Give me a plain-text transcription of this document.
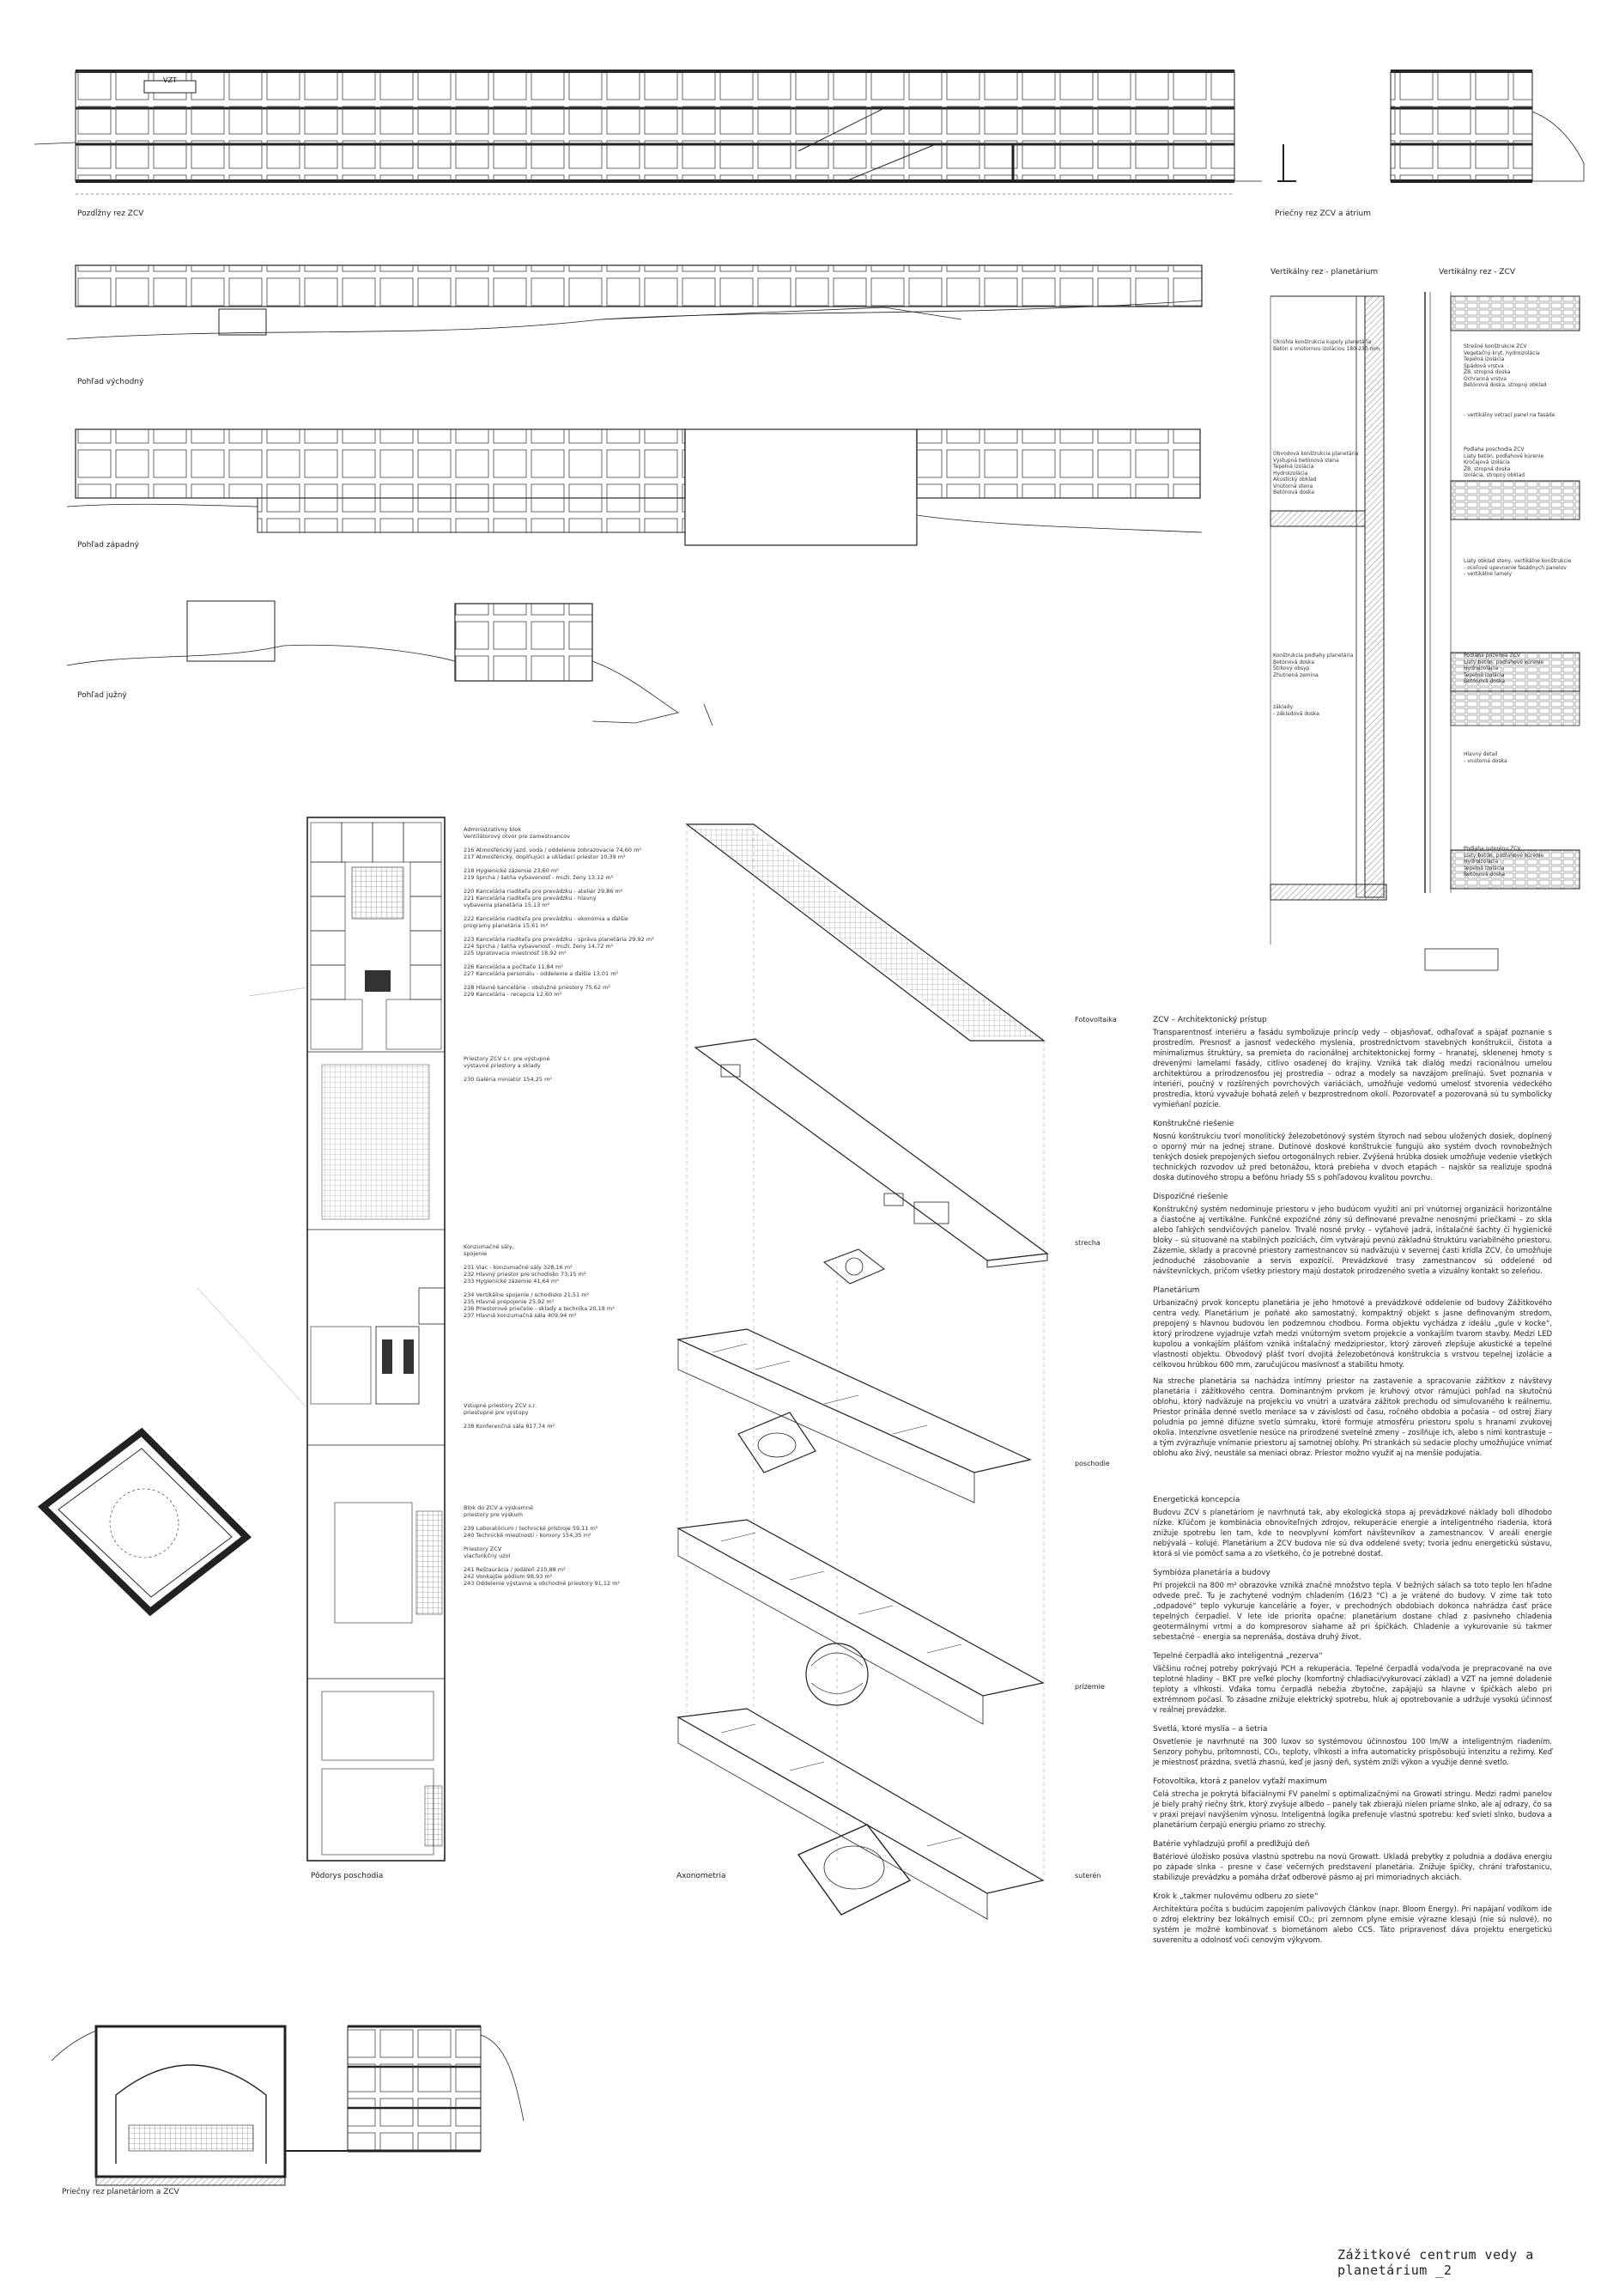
VZT
Pozdĺžny rez ZCV	Priečny rez ZCV a átrium
Pohľad východný
Pohľad západný
Pohľad južný
Vertikálny rez - planetárium	Vertikálny rez - ZCV
Pôdorys poschodia	Axonometria
Priečny rez planetáriom a ZCV
Fotovoltaika
strecha
poschodie
prízemie
suterén
Administratívny blok
Ventilátorový otvor pre zamestnancov

216 Atmosférický jazd. voda / oddelenie zobrazovacie 74,60 m²
217 Atmosférický, doplňujúci a ukladací priestor 10,39 m²

218 Hygienické zázemie 23,60 m²
219 Sprcha / šatňa vybavenosť - muži, ženy 13,12 m²

220 Kancelária riaditeľa pre prevádzku - ateliér 29,86 m²
221 Kancelária riaditeľa pre prevádzku - hlavný
vybavenia planetária 15,13 m²

222 Kancelárie riaditeľa pre prevádzku - ekonómia a ďalšie
programy planetária 15,61 m²

223 Kancelária riaditeľa pre prevádzku - správa planetária 29,92 m²
224 Sprcha / šatňa vybavenosť - muži, ženy 14,72 m²
225 Upratovacia miestnosť 18,92 m²

226 Kancelária a počítače 11,84 m²
227 Kancelária personálu - oddelenie a ďalšie 13,01 m²

228 Hlavné kancelárie - obslužné priestory 75,62 m²
229 Kancelária - recepcia 12,60 m²
Priestory ZCV s.r. pre výstupné
výstavné priestory a sklady

230 Galéria miniatúr 154,25 m²
Konzumačné sály,
spojenie

231 Viac - konzumačné sály 328,16 m²
232 Hlavný priestor pre schodisko 73,15 m²
233 Hygienické zázemie 41,64 m²

234 Vertikálne spojenie / schodisko 21,51 m²
235 Hlavné prepojenie 25,92 m²
236 Priestorové priečelie - sklady a technika 20,18 m²
237 Hlavná konzumačná sála 409,94 m²
Vstupné priestory ZCV s.r.
priestupné pre výstupy

238 Konferenčná sála 817,74 m²
Blok do ZCV a výskumné
priestory pre výskum

239 Laboratórium / technické prístroje 59,11 m²
240 Technické miestnosti - komory 154,35 m²

Priestory ZCV
viacfunkčný uzol

241 Reštaurácia / jedáleň 210,88 m²
242 Vonkajšie pódium 98,93 m²
243 Oddelenie výstavné a obchodné priestory 91,12 m²
Okrúhla konštrukcia kupoly planetária
Betón s vnútornou izoláciou 180-230 mm
Obvodová konštrukcia planetária
Výstupná betónová stena
Tepelná izolácia
Hydroizolácia
Akustický obklad
Vnútorná stena
Betónová doska
Konštrukcia podlahy planetária
Betónová doska
Štrkový obsyp
Zhutnená zemina
základy
- základová doska
Strešné konštrukcie ZCV
Vegetačný kryt, hydroizolácia
Tepelná izolácia
Spádová vrstva
ŽB. stropná doska
Ochranná vrstva
Betónová doska, stropný obklad
- vertikálny vetrací panel na fasáde
Podlaha poschodia ZCV
Liaty betón, podlahové kúrenie
Kročajová izolácia
ŽB. stropná doska
Izolácia, stropný obklad
Liaty obklad steny, vertikálne konštrukcie
- oceľové upevnenie fasádnych panelov
- vertikálne lamely
Podlaha prízemia ZCV
Liaty betón, podlahové kúrenie
Hydroizolácia
Tepelná izolácia
Betónová doska
Podlaha suterénu ZCV
Liaty betón, podlahové kúrenie
Hydroizolácia
Tepelná izolácia
Betónová doska
Hlavný detail
- vnútorná doska
ZCV – Architektonický prístup

Transparentnosť interiéru a fasádu symbolizuje princíp vedy – objasňovať, odhaľovať a spájať poznanie s prostredím. Presnosť a jasnosť vedeckého myslenia, prostredníctvom stavebných konštrukcií, čistota a minimalizmus štruktúry, sa premieta do racionálnej architektonickej formy – hranatej, sklenenej hmoty s drevenými lamelami fasády, citlivo osadenej do krajiny. Vzniká tak dialóg medzi racionálnou umelou architektúrou a prírodzenosťou jej prostredia – odraz a modely sa navzájom prelínajú. Svet poznania v interiéri, poučný v rozšírených povrchových variáciách, umožňuje vedomú umelosť stvorenia vedeckého prostredia, ktorú vyvažuje bohatá zeleň v bezprostrednom okolí. Pozorovateľ a pozorovaná sú tu symbolicky vymieňaní pozície.

Konštrukčné riešenie

Nosnú konštrukciu tvorí monolitický železobetónový systém štyroch nad sebou uložených dosiek, doplnený o oporný múr na jednej strane. Dutinové doskové konštrukcie fungujú ako systém dvoch rovnobežných tenkých dosiek prepojených sieťou ortogonálnych rebier. Zvýšená hrúbka dosiek umožňuje vedenie všetkých technických rozvodov už pred betonážou, ktorá prebieha v dvoch etapách – najskôr sa realizuje spodná doska dutinového stropu a beťónu hriady SS s pohľadovou kvalitou povrchu.

Dispozičné riešenie

Konštrukčný systém nedominuje priestoru v jeho budúcom využití ani pri vnútornej organizácii horizontálne a čiastočne aj vertikálne. Funkčné expozičné zóny sú definované prevažne nenosnými priečkami – zo skla alebo ľahkých sendvičových panelov. Trvalé nosné prvky – vyťahové jadrá, inštalačné šachty či hygienické bloky – sú situované na stabilných pozíciách, čím vytvárajú pevnú základnú štruktúru variabilného priestoru. Zázemie, sklady a pracovné priestory zamestnancov sú nadväzujú v severnej časti krídla ZCV, čo umožňuje jednoduché zásobovanie a servis expozícií. Prevádzkové trasy zamestnancov sú oddelené od návštevníckych, pričom všetky priestory majú dostatok prirodzeného svetla a vizuálny kontakt so zeleňou.

Planetárium

Urbanizačný prvok konceptu planetária je jeho hmotové a prevádzkové oddelenie od budovy Zážitkového centra vedy. Planetárium je poňaté ako samostatný, kompaktný objekt s jasne definovaným stredom, prepojený s hlavnou budovou len podzemnou chodbou. Forma objektu vychádza z ideálu „gule v kocke“, ktorý prirodzene vyjadruje vzťah medzi vnútorným svetom projekcie a vonkajším tvarom stavby. Medzi LED kupolou a vonkajším plášťom vzniká inštalačný medzipriestor, ktorý zároveň zlepšuje akustické a tepelné vlastnosti objektu. Obvodový plášť tvorí dvojitá železobetónová konštrukcia s vrstvou tepelnej izolácie a celkovou hrúbkou 600 mm, zaručujúcou masívnosť a stabilitu hmoty.

Na streche planetária sa nachádza intímny priestor na zastavenie a spracovanie zážitkov z návštevy planetária i zážitkového centra. Dominantným prvkom je kruhový otvor rámujúci pohľad na skutočnú oblohu, ktorý nadväzuje na projekciu vo vnútri a uzatvára zážitok prechodu od simulovaného k reálnemu. Priestor prináša denné svetlo meniace sa v závislosti od času, ročného obdobia a počasia – od ostrej žiary poludnia po jemné difúzne svetlo súmraku, ktoré formuje atmosféru priestoru spolu s hranami zvukovej okolia. Intenzívne osvetlenie nesúce na prirodzené svetelné zmeny – zosilňuje ich, alebo s nimi kontrastuje – a tým zvýrazňuje vnímanie priestoru aj samotnej oblohy. Pri strankách sú sedacie plochy umožňujúce vnímať oblohu ako živý, neustále sa meniaci obraz. Priestor možno využiť aj na menšie podujatia.

Energetická koncepcia

Budovu ZCV s planetáriom je navrhnutá tak, aby ekologická stopa aj prevádzkové náklady boli dlhodobo nízke. Kľúčom je kombinácia obnoviteľných zdrojov, rekuperácie energie a inteligentného riadenia, ktorá znižuje spotrebu len tam, kde to neovplyvní komfort návštevníkov a zamestnancov. V areáli energie nebývalá – kolujé. Planetárium a ZCV budova nie sú dva oddelené svety; tvoria jednu energetickú sústavu, ktorá si vie pomôcť sama a zo všetkého, čo je potrebné dostať.

Symbióza planetária a budovy

Pri projekcii na 800 m² obrazovke vzniká značné množstvo tepla. V bežných sálach sa toto teplo len hľadne odvede preč. Tu je zachytené vodným chladením (16/23 °C) a je vrátené do budovy. V zime tak toto „odpadové“ teplo vykuruje kancelárie a foyer, v prechodných obdobiach dokonca nahrádza časť práce tepelných čerpadiel. V lete ide priorita opačne: planetárium dostane chlad z pasívneho chladenia geotermálnymi vrtmi a do kompresorov siahame až pri špičkách. Chladenie a vykurovanie sú takmer sebestačné – energia sa neprenáša, dostáva druhý život.

Tepelné čerpadlá ako inteligentná „rezerva“

Väčšinu ročnej potreby pokrývajú PCH a rekuperácia. Tepelné čerpadlá voda/voda je prepracované na ove teplotné hladiny – BKT pre veľké plochy (komfortný chladiaci/vykurovací základ) a VZT na jemné doladenie teploty a vlhkosti. Vďaka tomu čerpadlá nebežia zbytočne, zapájajú sa hlavne v špičkách alebo pri extrémnom počasí. To zásadne znižuje elektrický spotrebu, hluk aj opotrebovanie a udržuje vysokú účinnosť v reálnej prevádzke.

Svetlá, ktoré myslia – a šetria

Osvetlenie je navrhnuté na 300 luxov so systémovou účinnosťou 100 lm/W a inteligentným riadením. Senzory pohybu, prítomnosti, CO₂, teploty, vlhkosti a infra automaticky prispôsobujú intenzitu a režimy. Keď je miestnosť prázdna, svetlá zhasnú, keď je jasný deň, systém zníži výkon a využije denné svetlo.

Fotovoltika, ktorá z panelov vyťaží maximum

Celá strecha je pokrytá bifaciálnymi FV panelmi s optimalizačnými na Growati stringu. Medzi radmi panelov je biely prahý riečny štrk, ktorý zvyšuje albedo – panely tak zbierajú nielen priame slnko, ale aj odrazy, čo sa v praxi prejaví navýšením výnosu. Inteligentná logika prefenuje vlastnú spotrebu: keď svieti slnko, budova a planetárium čerpajú energiu priamo zo strechy.

Batérie vyhladzujú profil a predlžujú deň

Batériové úložisko posúva vlastnú spotrebu na novú Growatt. Ukladá prebytky z poludnia a dodáva energiu po západe slnka – presne v čase večerných predstavení planetária. Znižuje špičky, chráni trafostanicu, stabilizuje prevádzku a pomáha držať odberové pásmo aj pri mimoriadnych akciách.

Krok k „takmer nulovému odberu zo siete“

Architektúra počíta s budúcim zapojením palivových článkov (napr. Bloom Energy). Pri napájaní vodíkom ide o zdroj elektriny bez lokálnych emisií CO₂; pri zemnom plyne emisie výrazne klesajú (nie sú nulové), no systém je možné kombinovať s biometánom alebo CCS. Táto pripravenosť dáva projektu energetickú suverenitu a odolnosť voči cenovým výkyvom.

Zážitkové centrum vedy a planetárium _2
